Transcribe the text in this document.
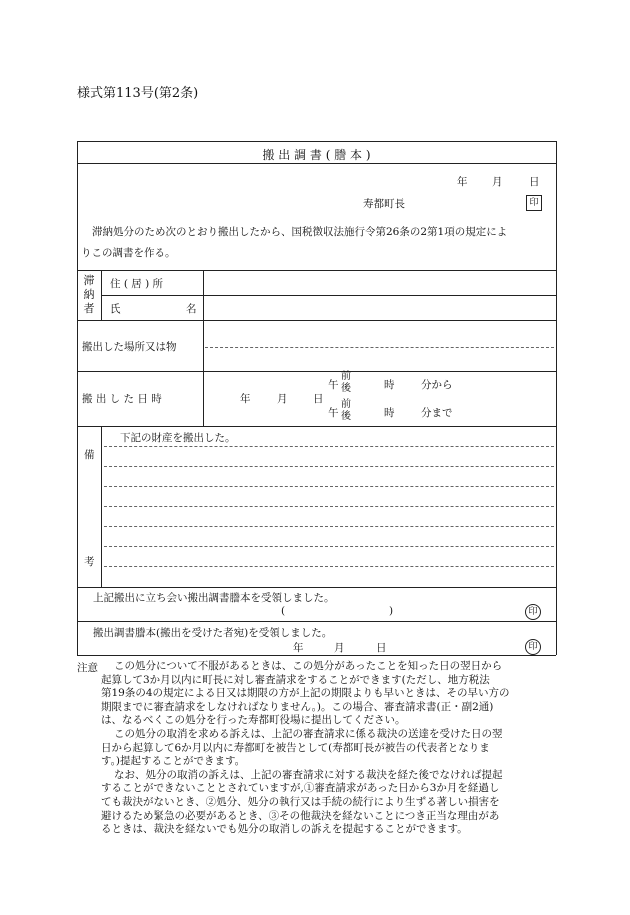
様式第113号(第2条)
搬 出 調 書 ( 謄 本 )
年 月	日
寿都町長	印
滞納処分のため次のとおり搬出したから、国税徴収法施行令第26条の2第1項の規定によ
りこの調書を作る。
滞
納
者
住 ( 居 ) 所
氏	名
搬出した場所又は物
搬 出 し た 日 時	年	月 日
午
前
後	時	分から
午
前
後	時	分まで
備
考
下記の財産を搬出した。
上記搬出に立ち会い搬出調書謄本を受領しました。
(	)	印
搬出調書謄本(搬出を受けた者宛)を受領しました。
年	月	日	印
注意	この処分について不服があるときは、この処分があったことを知った日の翌日から
起算して3か月以内に町長に対し審査請求をすることができます(ただし、地方税法
第19条の4の規定による日又は期限の方が上記の期限よりも早いときは、その早い方の
期限までに審査請求をしなければなりません。)。この場合、審査請求書(正・副2通)
は、なるべくこの処分を行った寿都町役場に提出してください。
この処分の取消を求める訴えは、上記の審査請求に係る裁決の送達を受けた日の翌
日から起算して6か月以内に寿都町を被告として(寿都町長が被告の代表者となりま
す。)提起することができます。
なお、処分の取消の訴えは、上記の審査請求に対する裁決を経た後でなければ提起
することができないこととされていますが,①審査請求があった日から3か月を経過し
ても裁決がないとき、②処分、処分の執行又は手続の続行により生ずる著しい損害を
避けるため緊急の必要があるとき、③その他裁決を経ないことにつき正当な理由があ
るときは、裁決を経ないでも処分の取消しの訴えを提起することができます。
